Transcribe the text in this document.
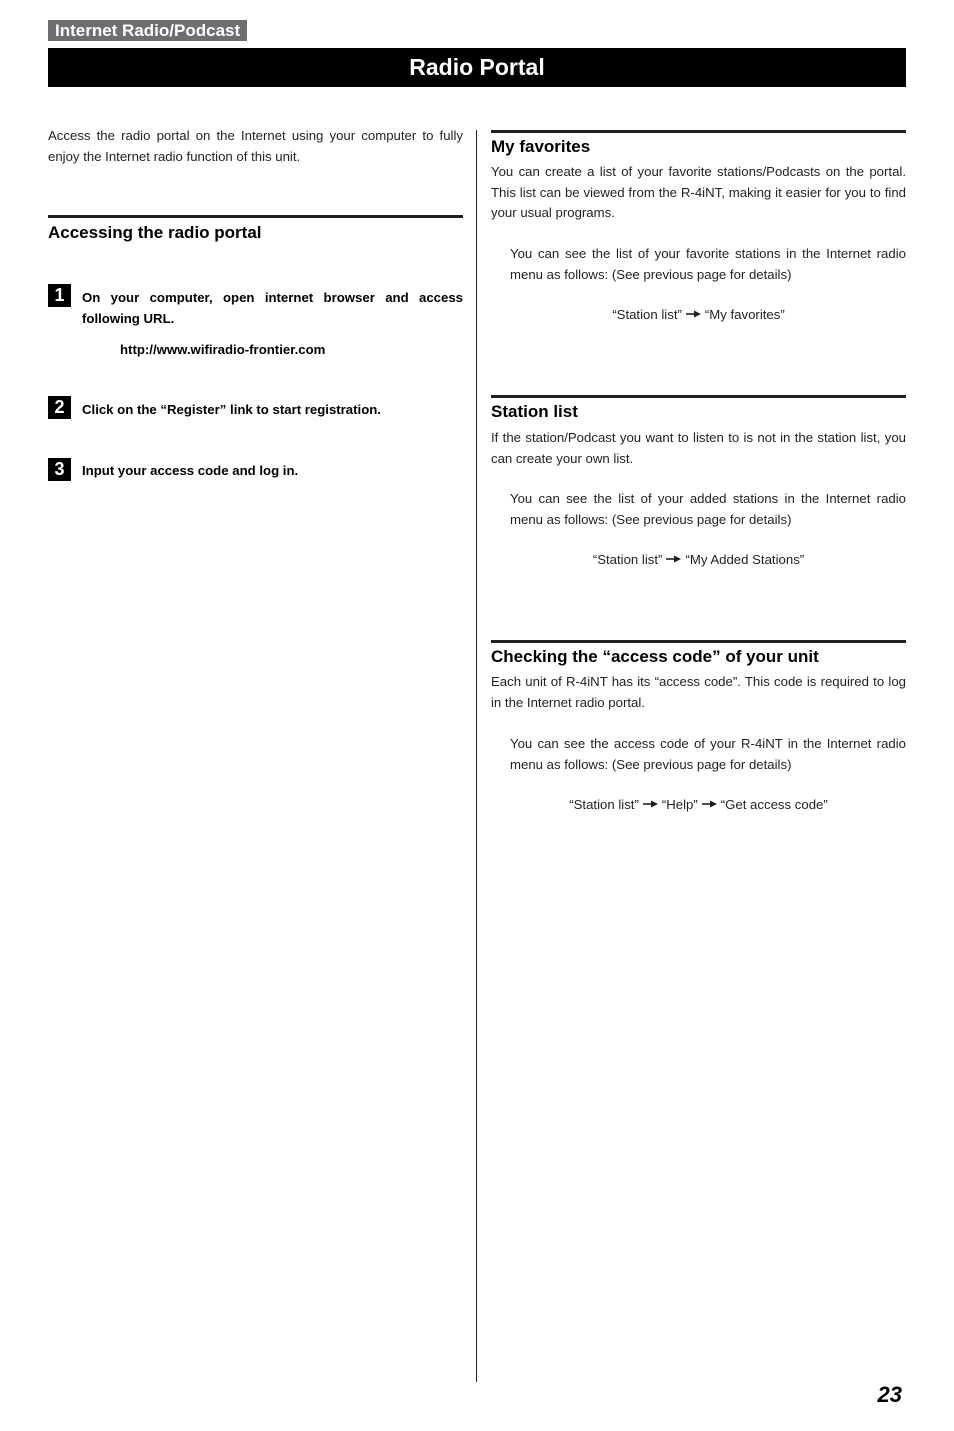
Internet Radio/Podcast
Radio Portal
Access the radio portal on the Internet using your computer to fully enjoy the Internet radio function of this unit.
Accessing the radio portal
1	On your computer, open internet browser and access following URL.
http://www.wifiradio-frontier.com
2	Click on the “Register” link to start registration.
3	Input your access code and log in.
My favorites
You can create a list of your favorite stations/Podcasts on the portal. This list can be viewed from the R-4iNT, making it easier for you to find your usual programs.
You can see the list of your favorite stations in the Internet radio menu as follows: (See previous page for details)
“Station list” “My favorites”
Station list
If the station/Podcast you want to listen to is not in the station list, you can create your own list.
You can see the list of your added stations in the Internet radio menu as follows: (See previous page for details)
“Station list” “My Added Stations”
Checking the “access code” of your unit
Each unit of R-4iNT has its “access code”. This code is required to log in the Internet radio portal.
You can see the access code of your R-4iNT in the Internet radio menu as follows: (See previous page for details)
“Station list” “Help” “Get access code”
23
